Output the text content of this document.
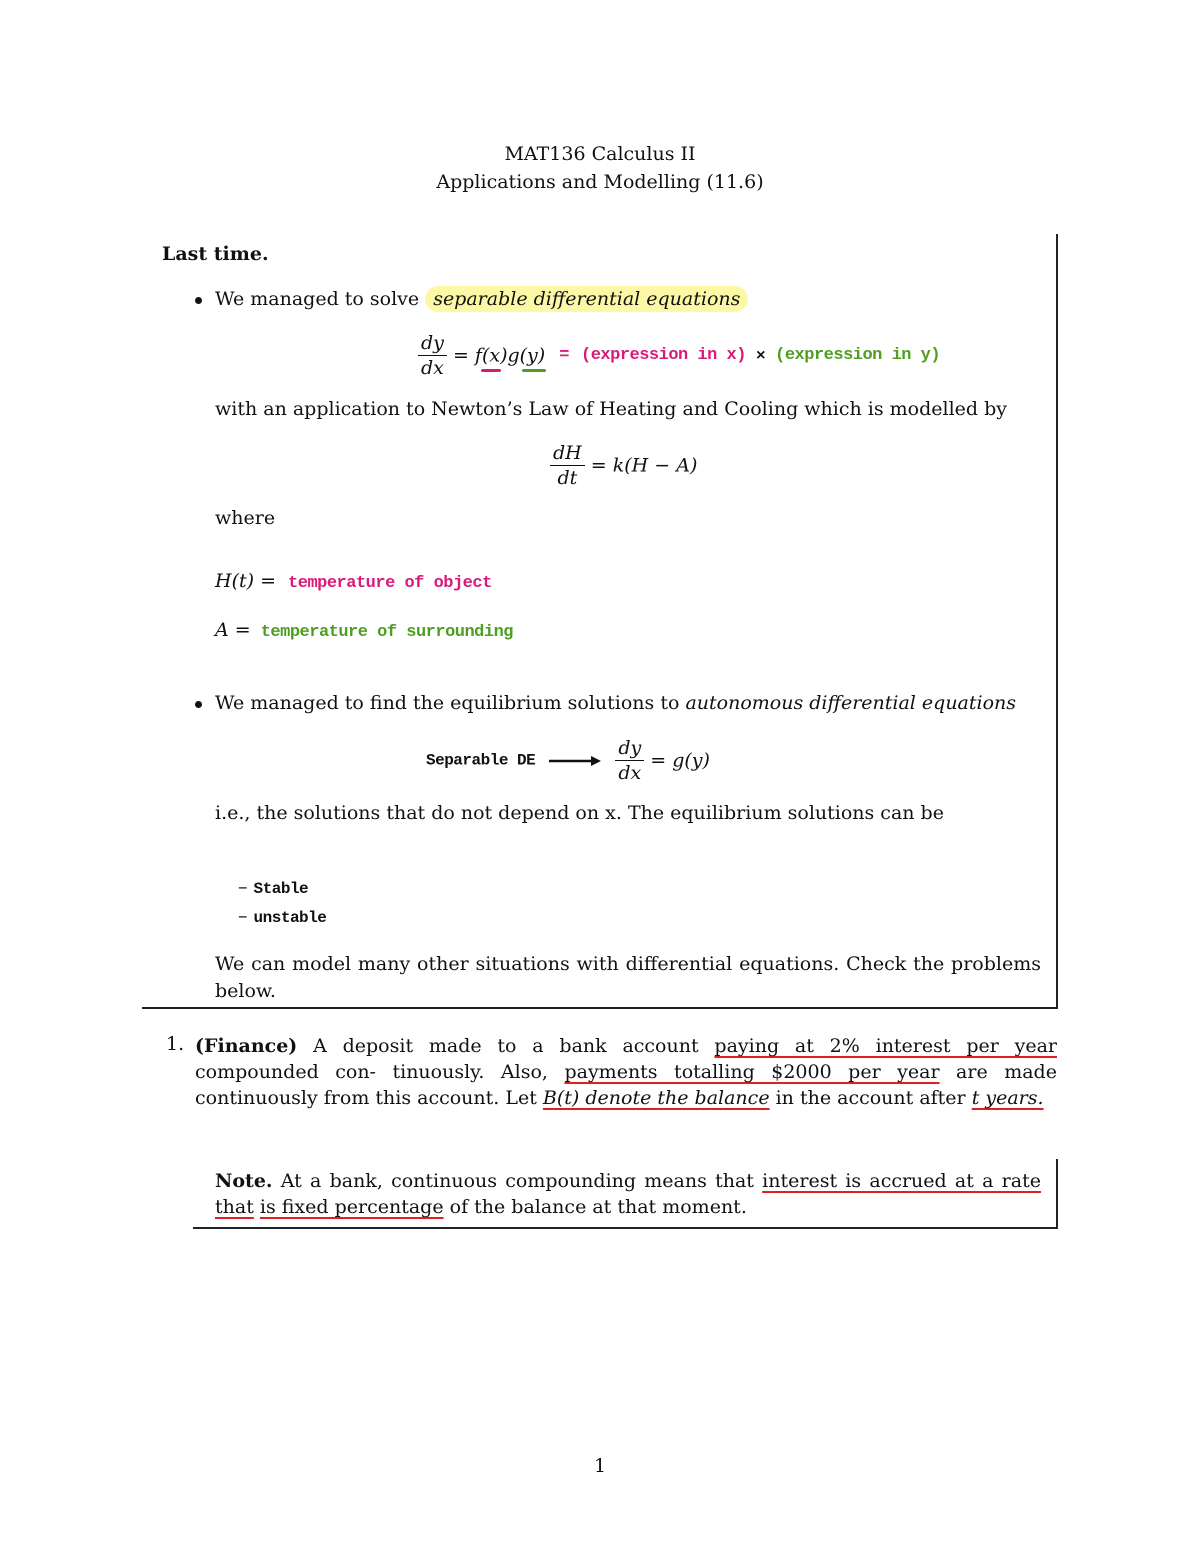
MAT136 Calculus II
Applications and Modelling (11.6)
Last time.
We managed to solve separable differential equations
$\frac{dy}{dx} = f(x)g(y)$ = (expression in x) × (expression in y)
with an application to Newton’s Law of Heating and Cooling which is modelled by
$\frac{dH}{dt} = k(H - A)$
where
H(t) = temperature of object
A = temperature of surrounding
We managed to find the equilibrium solutions to autonomous differential equations
Separable DE	$\frac{dy}{dx} = g(y)$
i.e., the solutions that do not depend on x. The equilibrium solutions can be
– Stable
– unstable
We can model many other situations with differential equations. Check the problems below.
1. (Finance) A deposit made to a bank account paying at 2% interest per year compounded con- tinuously. Also, payments totalling $2000 per year are made continuously from this account. Let B(t) denote the balance in the account after t years.
Note. At a bank, continuous compounding means that interest is accrued at a rate that is fixed percentage of the balance at that moment.
1
